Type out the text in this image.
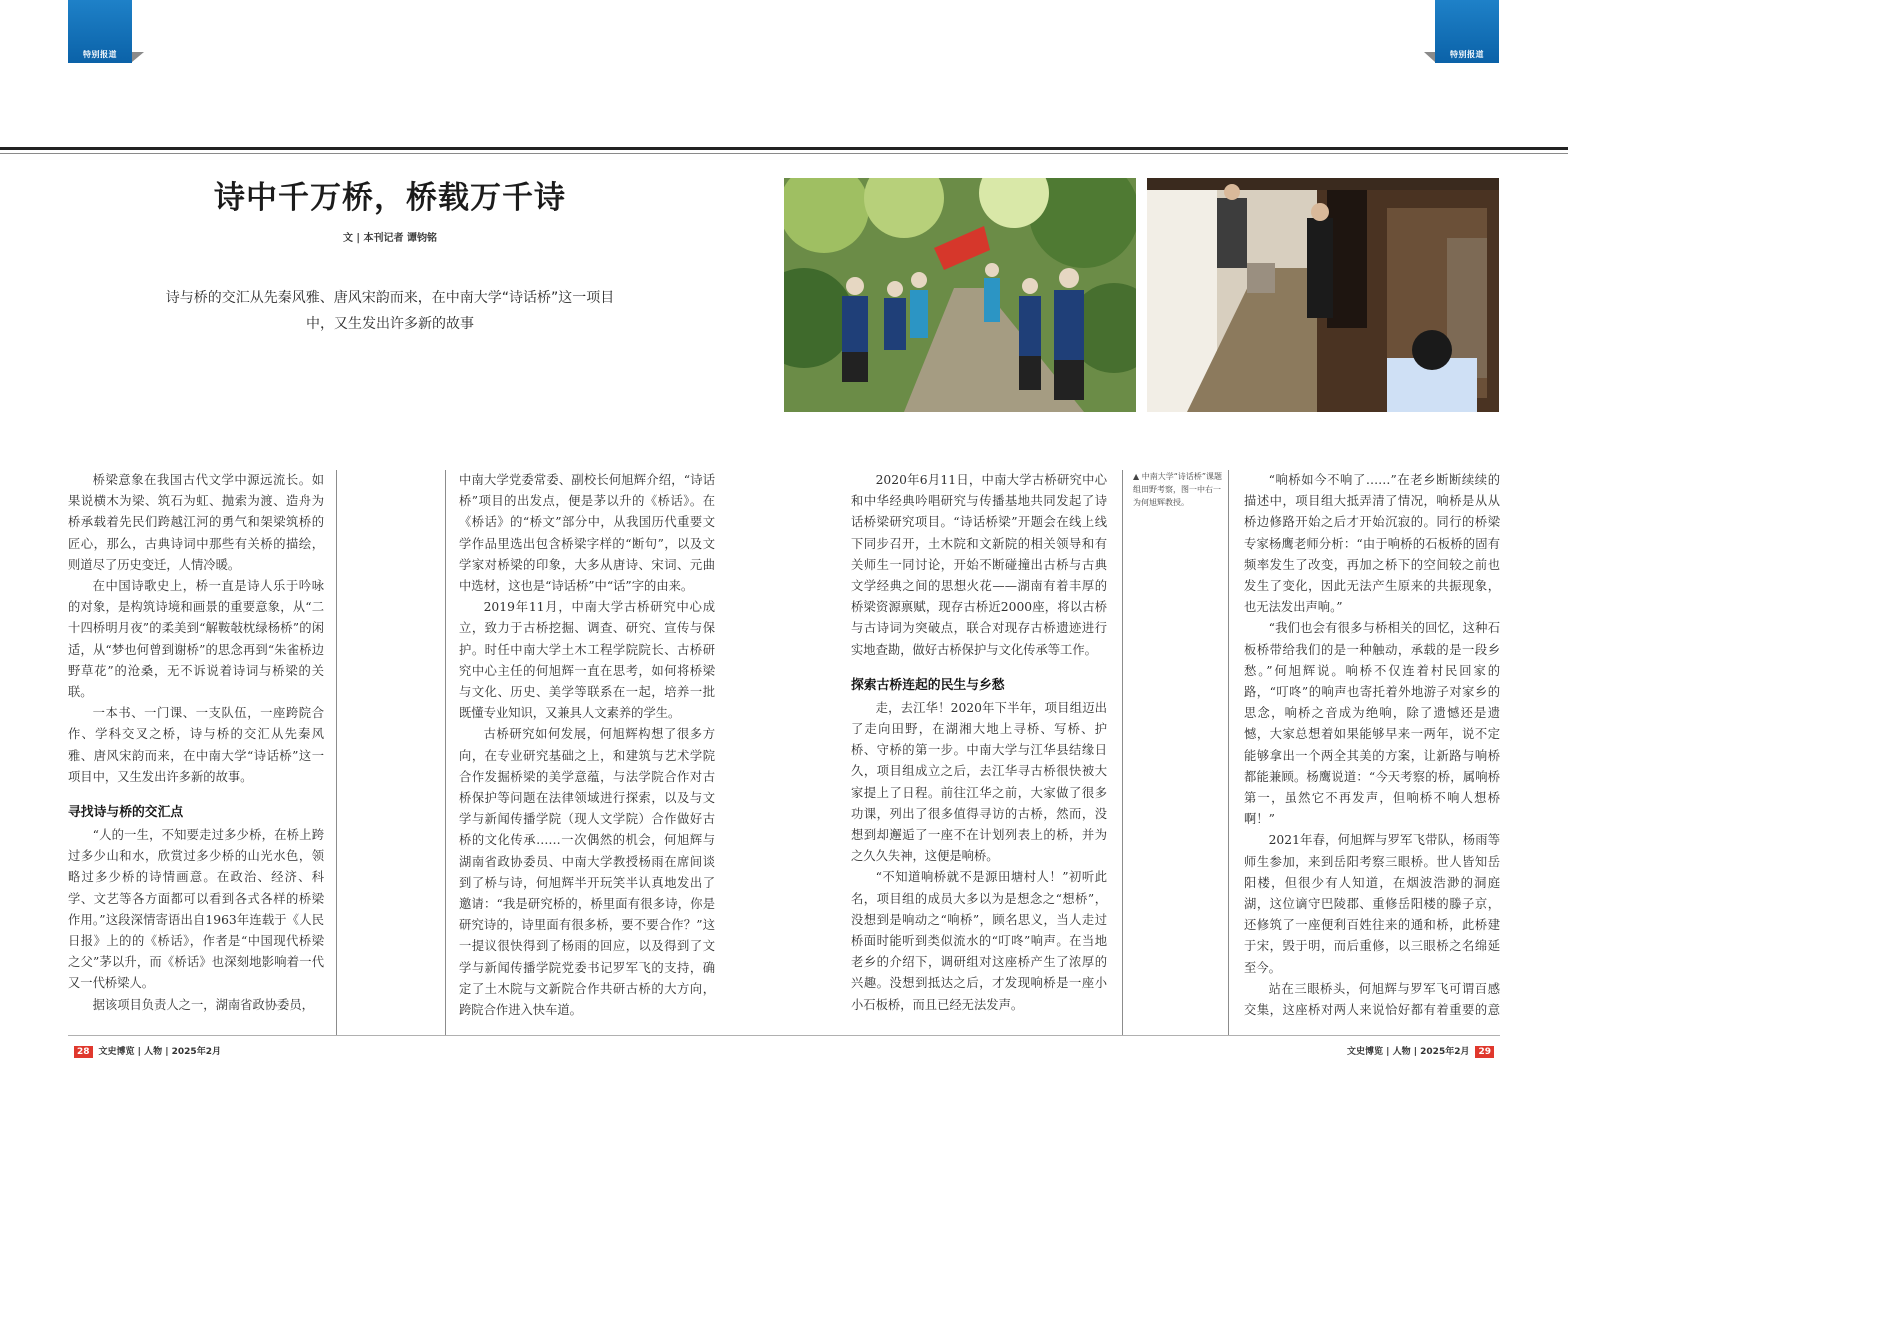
特别报道	特别报道
诗中千万桥，桥载万千诗
文 | 本刊记者 谭钧铭
诗与桥的交汇从先秦风雅、唐风宋韵而来，在中南大学“诗话桥”这一项目中，又生发出许多新的故事
▲ 中南大学“诗话桥”课题组田野考察，图一中右一为何旭辉教授。

桥梁意象在我国古代文学中源远流长。如果说横木为梁、筑石为虹、抛索为渡、造舟为桥承载着先民们跨越江河的勇气和架梁筑桥的匠心，那么，古典诗词中那些有关桥的描绘，则道尽了历史变迁，人情冷暖。

在中国诗歌史上，桥一直是诗人乐于吟咏的对象，是构筑诗境和画景的重要意象，从“二十四桥明月夜”的柔美到“解鞍敧枕绿杨桥”的闲适，从“梦也何曾到谢桥”的思念再到“朱雀桥边野草花”的沧桑，无不诉说着诗词与桥梁的关联。

一本书、一门课、一支队伍，一座跨院合作、学科交叉之桥，诗与桥的交汇从先秦风雅、唐风宋韵而来，在中南大学“诗话桥”这一项目中，又生发出许多新的故事。

寻找诗与桥的交汇点

“人的一生，不知要走过多少桥，在桥上跨过多少山和水，欣赏过多少桥的山光水色，领略过多少桥的诗情画意。在政治、经济、科学、文艺等各方面都可以看到各式各样的桥梁作用。”这段深情寄语出自1963年连载于《人民日报》上的的《桥话》，作者是“中国现代桥梁之父”茅以升，而《桥话》也深刻地影响着一代又一代桥梁人。

据该项目负责人之一，湖南省政协委员，

中南大学党委常委、副校长何旭辉介绍，“诗话桥”项目的出发点，便是茅以升的《桥话》。在《桥话》的“桥文”部分中，从我国历代重要文学作品里选出包含桥梁字样的“断句”，以及文学家对桥梁的印象，大多从唐诗、宋词、元曲中选材，这也是“诗话桥”中“话”字的由来。

2019年11月，中南大学古桥研究中心成立，致力于古桥挖掘、调查、研究、宣传与保护。时任中南大学土木工程学院院长、古桥研究中心主任的何旭辉一直在思考，如何将桥梁与文化、历史、美学等联系在一起，培养一批既懂专业知识，又兼具人文素养的学生。

古桥研究如何发展，何旭辉构想了很多方向，在专业研究基础之上，和建筑与艺术学院合作发掘桥梁的美学意蕴，与法学院合作对古桥保护等问题在法律领域进行探索，以及与文学与新闻传播学院（现人文学院）合作做好古桥的文化传承……一次偶然的机会，何旭辉与湖南省政协委员、中南大学教授杨雨在席间谈到了桥与诗，何旭辉半开玩笑半认真地发出了邀请：“我是研究桥的，桥里面有很多诗，你是研究诗的，诗里面有很多桥，要不要合作？”这一提议很快得到了杨雨的回应，以及得到了文学与新闻传播学院党委书记罗军飞的支持，确定了土木院与文新院合作共研古桥的大方向，跨院合作进入快车道。

2020年6月11日，中南大学古桥研究中心和中华经典吟唱研究与传播基地共同发起了诗话桥梁研究项目。“诗话桥梁”开题会在线上线下同步召开，土木院和文新院的相关领导和有关师生一同讨论，开始不断碰撞出古桥与古典文学经典之间的思想火花——湖南有着丰厚的桥梁资源禀赋，现存古桥近2000座，将以古桥与古诗词为突破点，联合对现存古桥遗迹进行实地查勘，做好古桥保护与文化传承等工作。

探索古桥连起的民生与乡愁

走，去江华！2020年下半年，项目组迈出了走向田野，在湖湘大地上寻桥、写桥、护桥、守桥的第一步。中南大学与江华县结缘日久，项目组成立之后，去江华寻古桥很快被大家提上了日程。前往江华之前，大家做了很多功课，列出了很多值得寻访的古桥，然而，没想到却邂逅了一座不在计划列表上的桥，并为之久久失神，这便是响桥。

“不知道响桥就不是源田塘村人！”初听此名，项目组的成员大多以为是想念之“想桥”，没想到是响动之“响桥”，顾名思义，当人走过桥面时能听到类似流水的“叮咚”响声。在当地老乡的介绍下，调研组对这座桥产生了浓厚的兴趣。没想到抵达之后，才发现响桥是一座小小石板桥，而且已经无法发声。

“响桥如今不响了……”在老乡断断续续的描述中，项目组大抵弄清了情况，响桥是从从桥边修路开始之后才开始沉寂的。同行的桥梁专家杨鹰老师分析：“由于响桥的石板桥的固有频率发生了改变，再加之桥下的空间较之前也发生了变化，因此无法产生原来的共振现象，也无法发出声响。”

“我们也会有很多与桥相关的回忆，这种石板桥带给我们的是一种触动，承载的是一段乡愁。”何旭辉说。响桥不仅连着村民回家的路，“叮咚”的响声也寄托着外地游子对家乡的思念，响桥之音成为绝响，除了遗憾还是遗憾，大家总想着如果能够早来一两年，说不定能够拿出一个两全其美的方案，让新路与响桥都能兼顾。杨鹰说道：“今天考察的桥，属响桥第一，虽然它不再发声，但响桥不响人想桥啊！”

2021年春，何旭辉与罗军飞带队，杨雨等师生参加，来到岳阳考察三眼桥。世人皆知岳阳楼，但很少有人知道，在烟波浩渺的洞庭湖，这位谪守巴陵郡、重修岳阳楼的滕子京，还修筑了一座便利百姓往来的通和桥，此桥建于宋，毁于明，而后重修，以三眼桥之名绵延至今。

站在三眼桥头，何旭辉与罗军飞可谓百感交集，这座桥对两人来说恰好都有着重要的意

28 文史博览 | 人物 | 2025年2月	文史博览 | 人物 | 2025年2月 29
